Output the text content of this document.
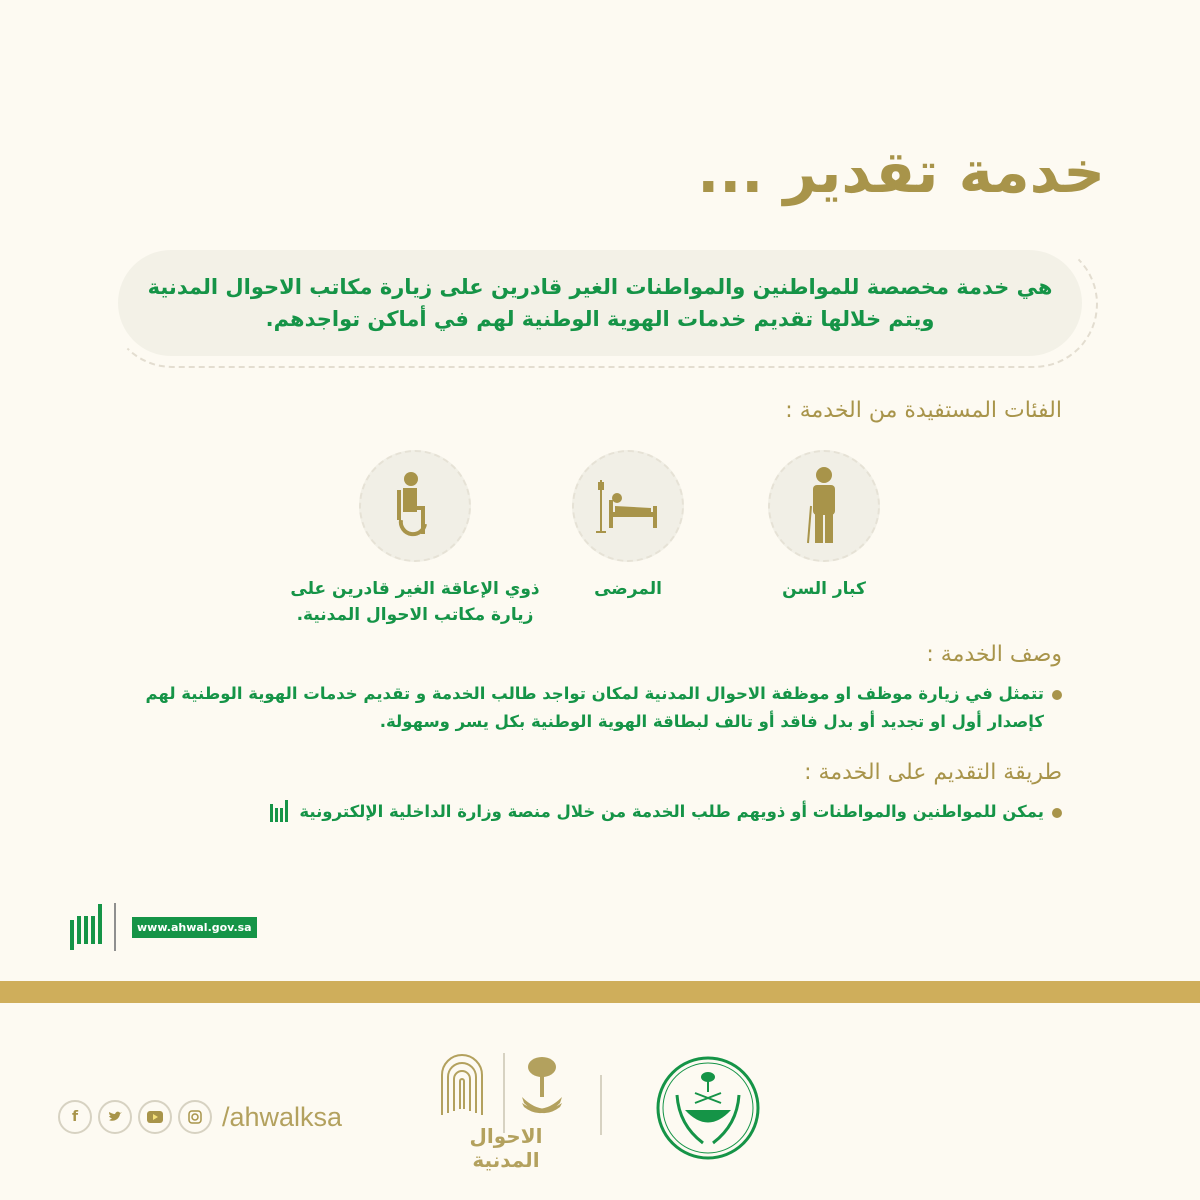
خدمة تقدير ...
هي خدمة مخصصة للمواطنين والمواطنات الغير قادرين على زيارة مكاتب الاحوال المدنية
ويتم خلالها تقديم خدمات الهوية الوطنية لهم في أماكن تواجدهم.
الفئات المستفيدة من الخدمة :
كبار السن
المرضى
ذوي الإعاقة الغير قادرين على
زيارة مكاتب الاحوال المدنية.
وصف الخدمة :
تتمثل في زيارة موظف او موظفة الاحوال المدنية لمكان تواجد طالب الخدمة و تقديم خدمات الهوية الوطنية لهم
كإصدار أول او تجديد أو بدل فاقد أو تالف لبطاقة الهوية الوطنية بكل يسر وسهولة.
طريقة التقديم على الخدمة :
يمكن للمواطنين والمواطنات أو ذويهم طلب الخدمة من خلال منصة وزارة الداخلية الإلكترونية
www.ahwal.gov.sa
f	/ahwalksa
الاحوال المدنية
